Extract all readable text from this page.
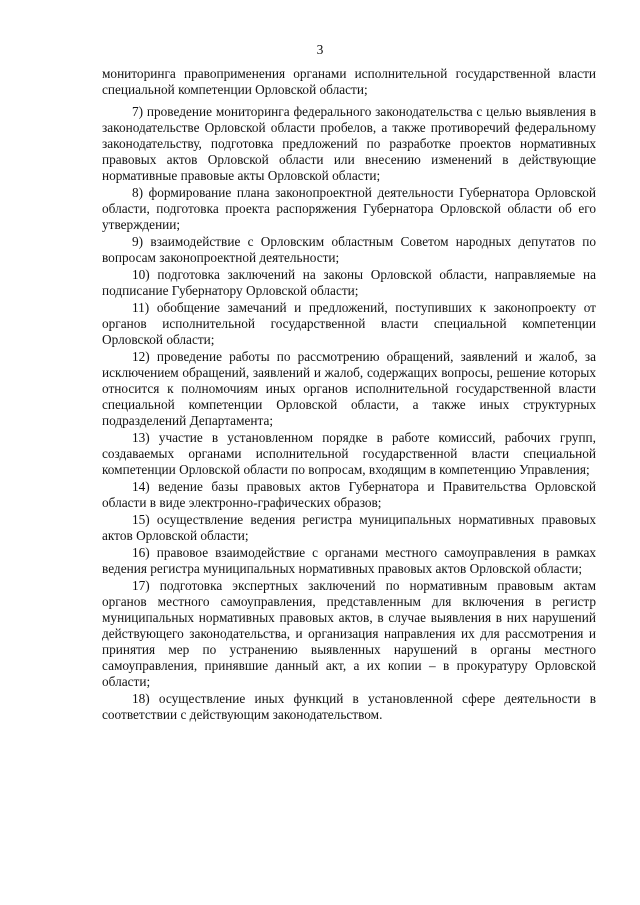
3

мониторинга правоприменения органами исполнительной государственной власти специальной компетенции Орловской области;

7) проведение мониторинга федерального законодательства с целью выявления в законодательстве Орловской области пробелов, а также противоречий федеральному законодательству, подготовка предложений по разработке проектов нормативных правовых актов Орловской области или внесению изменений в действующие нормативные правовые акты Орловской области;

8) формирование плана законопроектной деятельности Губернатора Орловской области, подготовка проекта распоряжения Губернатора Орловской области об его утверждении;

9) взаимодействие с Орловским областным Советом народных депутатов по вопросам законопроектной деятельности;

10) подготовка заключений на законы Орловской области, направляемые на подписание Губернатору Орловской области;

11) обобщение замечаний и предложений, поступивших к законопроекту от органов исполнительной государственной власти специальной компетенции Орловской области;

12) проведение работы по рассмотрению обращений, заявлений и жалоб, за исключением обращений, заявлений и жалоб, содержащих вопросы, решение которых относится к полномочиям иных органов исполнительной государственной власти специальной компетенции Орловской области, а также иных структурных подразделений Департамента;

13) участие в установленном порядке в работе комиссий, рабочих групп, создаваемых органами исполнительной государственной власти специальной компетенции Орловской области по вопросам, входящим в компетенцию Управления;

14) ведение базы правовых актов Губернатора и Правительства Орловской области в виде электронно-графических образов;

15) осуществление ведения регистра муниципальных нормативных правовых актов Орловской области;

16) правовое взаимодействие с органами местного самоуправления в рамках ведения регистра муниципальных нормативных правовых актов Орловской области;

17) подготовка экспертных заключений по нормативным правовым актам органов местного самоуправления, представленным для включения в регистр муниципальных нормативных правовых актов, в случае выявления в них нарушений действующего законодательства, и организация направления их для рассмотрения и принятия мер по устранению выявленных нарушений в органы местного самоуправления, принявшие данный акт, а их копии – в прокуратуру Орловской области;

18) осуществление иных функций в установленной сфере деятельности в соответствии с действующим законодательством.
